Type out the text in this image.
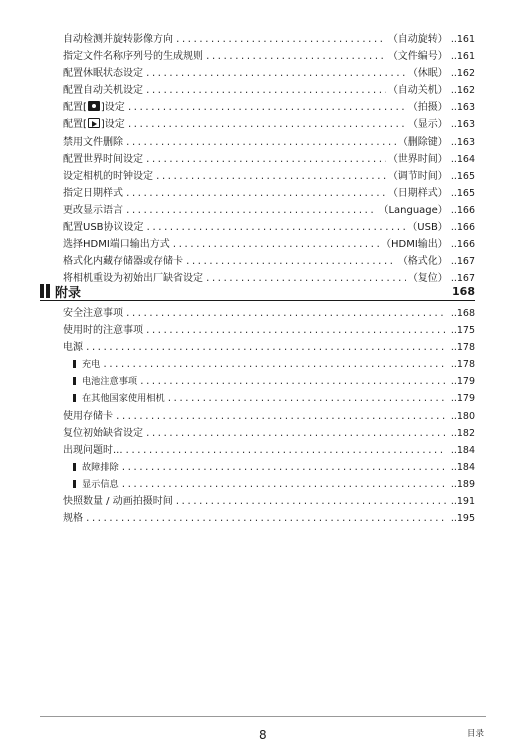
自动检测并旋转影像方向 .....	（自动旋转） ..161
指定文件名称序列号的生成规则 .....	（文件编号） ..161
配置休眠状态设定 .....	（休眠） ..162
配置自动关机设定 .....	（自动关机） ..162
配置[ ]设定 .....	（拍摄） ..163
配置[ ]设定 .....	（显示） ..163
禁用文件删除 .....	（删除键） ..163
配置世界时间设定 .....	（世界时间） ..164
设定相机的时钟设定 .....	（调节时间） ..165
指定日期样式 .....	（日期样式） ..165
更改显示语言 .....	（Language） ..166
配置USB协议设定 .....	（USB） ..166
选择HDMI端口输出方式 .....	（HDMI输出） ..166
格式化内藏存储器或存储卡 .....	（格式化） ..167
将相机重设为初始出厂缺省设定 .....	（复位） ..167
附录	168
安全注意事项 .....	..168
使用时的注意事项 .....	..175
电源 .....	..178
充电 .....	..178
电池注意事项 .....	..179
在其他国家使用相机 .....	..179
使用存储卡 .....	..180
复位初始缺省设定 .....	..182
出现问题时... .....	..184
故障排除 .....	..184
显示信息 .....	..189
快照数量 / 动画拍摄时间 .....	..191
规格 .....	..195
8	目录
